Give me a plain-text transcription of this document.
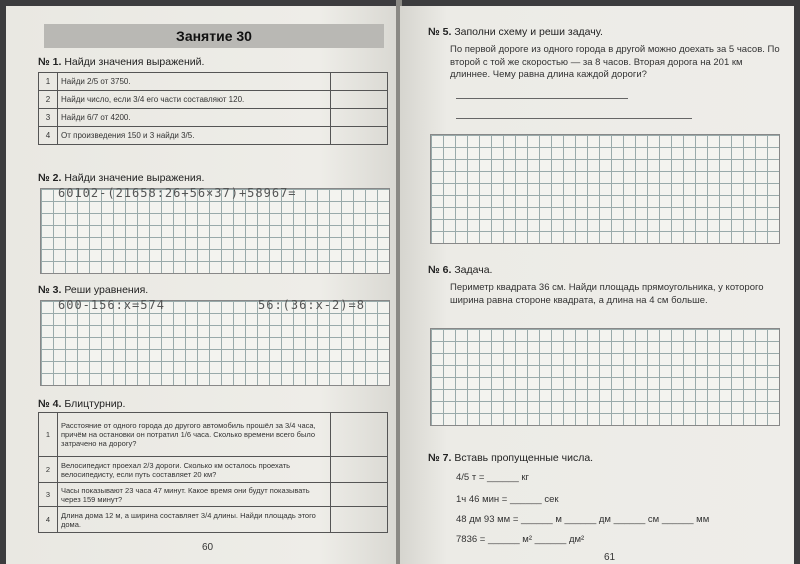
Занятие 30
№ 1. Найди значения выражений.
1	Найди 2/5 от 3750.	
2	Найди число, если 3/4 его части составляют 120.	
3	Найди 6/7 от 4200.	
4	От произведения 150 и 3 найди 3/5.	
№ 2. Найди значение выражения.
60102-(21658:26+56×37)+58967=
№ 3. Реши уравнения.
600-156:x=574	56:(36:x-2)=8
№ 4. Блицтурнир.
1	Расстояние от одного города до другого автомобиль прошёл за 3/4 часа, причём на остановки он потратил 1/6 часа. Сколько времени всего было затрачено на дорогу?	
2	Велосипедист проехал 2/3 дороги. Сколько км осталось проехать велосипедисту, если путь составляет 20 км?	
3	Часы показывают 23 часа 47 минут. Какое время они будут показывать через 159 минут?	
4	Длина дома 12 м, а ширина составляет 3/4 длины. Найди площадь этого дома.	
60
№ 5. Заполни схему и реши задачу.
По первой дороге из одного города в другой можно доехать за 5 часов. По второй с той же скоростью — за 8 часов. Вторая дорога на 201 км длиннее. Чему равна длина каждой дороги?
№ 6. Задача.
Периметр квадрата 36 см. Найди площадь прямоугольника, у которого ширина равна стороне квадрата, а длина на 4 см больше.
№ 7. Вставь пропущенные числа.
4/5 т = ______ кг
1ч 46 мин = ______ сек
48 дм 93 мм = ______ м ______ дм ______ см ______ мм
7836 = ______ м² ______ дм²
61
